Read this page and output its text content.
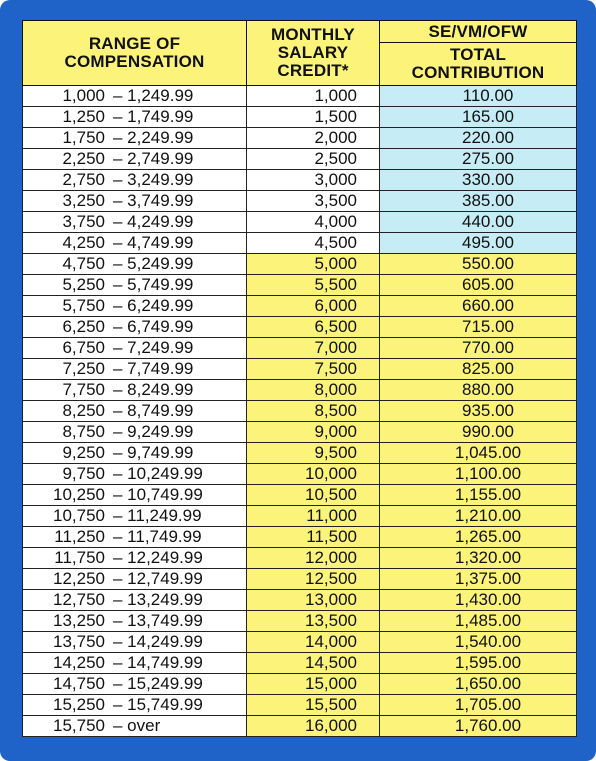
RANGE OF
COMPENSATION	MONTHLY
SALARY
CREDIT*	SE/VM/OFW
		TOTAL
CONTRIBUTION
1,000 – 1,249.99	1,000	110.00
1,250 – 1,749.99	1,500	165.00
1,750 – 2,249.99	2,000	220.00
2,250 – 2,749.99	2,500	275.00
2,750 – 3,249.99	3,000	330.00
3,250 – 3,749.99	3,500	385.00
3,750 – 4,249.99	4,000	440.00
4,250 – 4,749.99	4,500	495.00
4,750 – 5,249.99	5,000	550.00
5,250 – 5,749.99	5,500	605.00
5,750 – 6,249.99	6,000	660.00
6,250 – 6,749.99	6,500	715.00
6,750 – 7,249.99	7,000	770.00
7,250 – 7,749.99	7,500	825.00
7,750 – 8,249.99	8,000	880.00
8,250 – 8,749.99	8,500	935.00
8,750 – 9,249.99	9,000	990.00
9,250 – 9,749.99	9,500	1,045.00
9,750 – 10,249.99	10,000	1,100.00
10,250 – 10,749.99	10,500	1,155.00
10,750 – 11,249.99	11,000	1,210.00
11,250 – 11,749.99	11,500	1,265.00
11,750 – 12,249.99	12,000	1,320.00
12,250 – 12,749.99	12,500	1,375.00
12,750 – 13,249.99	13,000	1,430.00
13,250 – 13,749.99	13,500	1,485.00
13,750 – 14,249.99	14,000	1,540.00
14,250 – 14,749.99	14,500	1,595.00
14,750 – 15,249.99	15,000	1,650.00
15,250 – 15,749.99	15,500	1,705.00
15,750 – over	16,000	1,760.00
